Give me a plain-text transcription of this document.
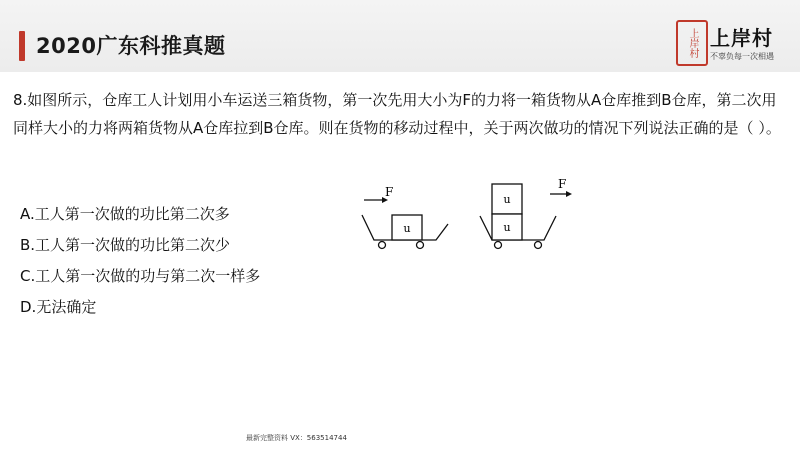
2020广东科推真题	上岸村 上岸村
不辜负每一次相遇
8.如图所示，仓库工人计划用小车运送三箱货物，第一次先用大小为F的力将一箱货物从A仓库推到B仓库，第二次用同样大小的力将两箱货物从A仓库拉到B仓库。则在货物的移动过程中，关于两次做功的情况下列说法正确的是（ ）。
A.工人第一次做的功比第二次多
B.工人第一次做的功比第二次少
C.工人第一次做的功与第二次一样多
D.无法确定
u
F
u
u
F
最新完整资料 VX：563514744
